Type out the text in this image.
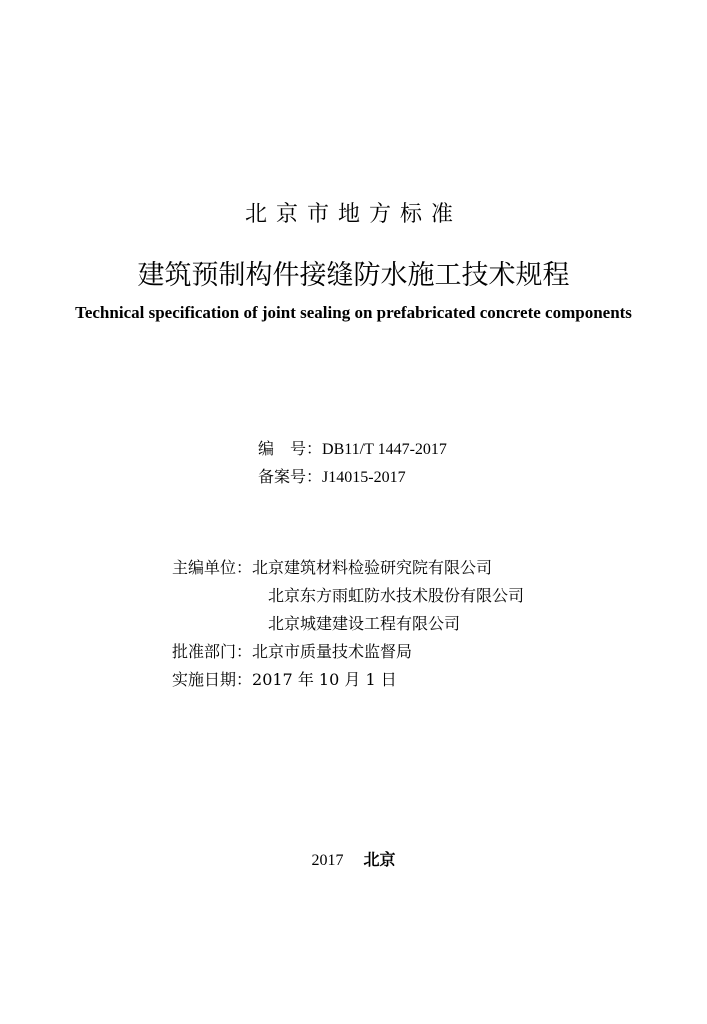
北京市地方标准
建筑预制构件接缝防水施工技术规程
Technical specification of joint sealing on prefabricated concrete components
编　号：DB11/T 1447-2017
备案号：J14015-2017
主编单位：北京建筑材料检验研究院有限公司
北京东方雨虹防水技术股份有限公司
北京城建建设工程有限公司
批准部门：北京市质量技术监督局
实施日期：2017 年 10 月 1 日
2017 北京
